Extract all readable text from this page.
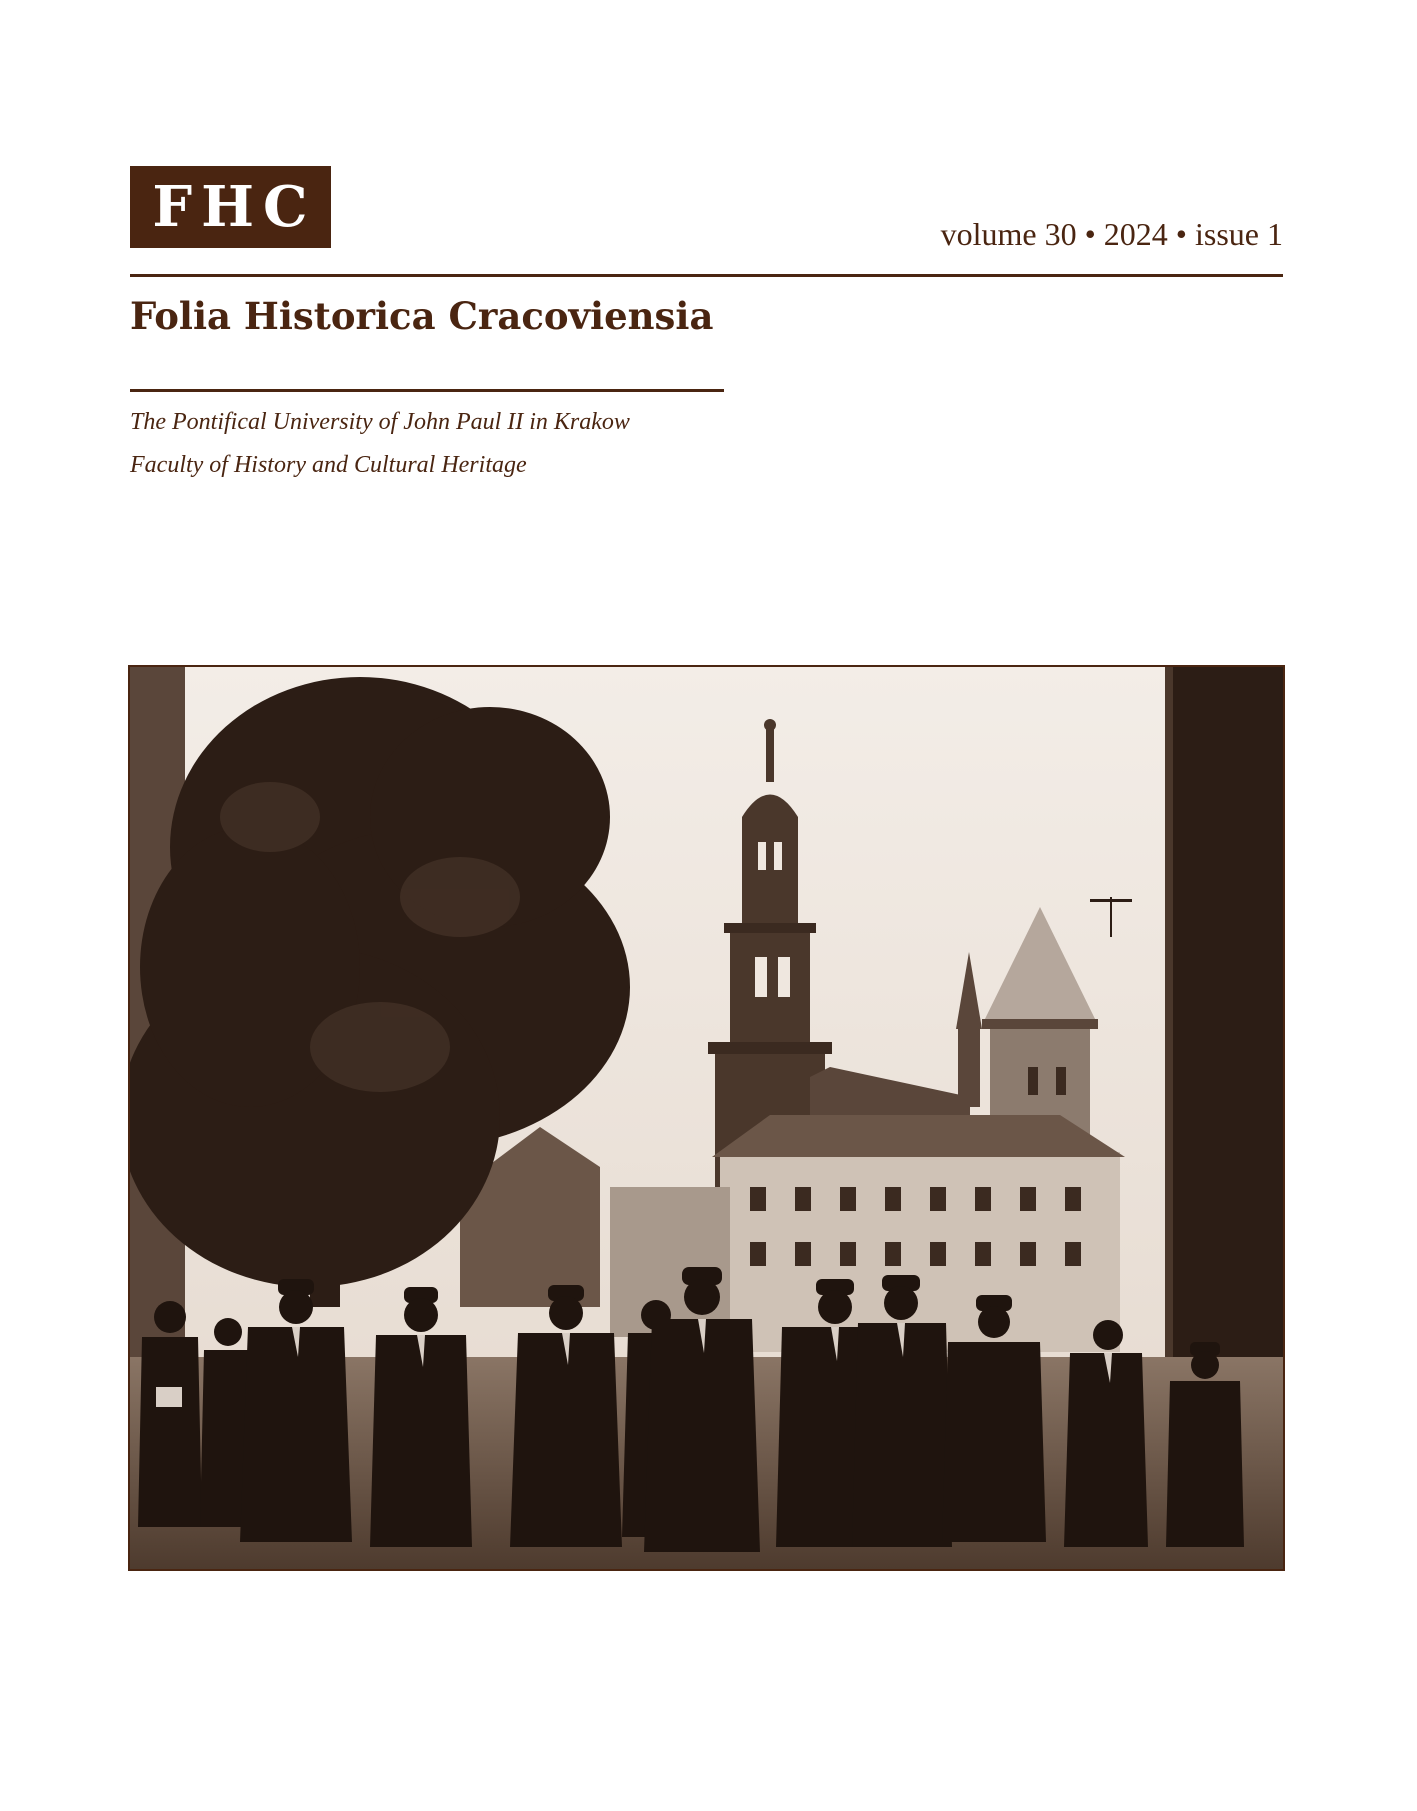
FHC	volume 30 • 2024 • issue 1
Folia Historica Cracoviensia
The Pontifical University of John Paul II in Krakow
Faculty of History and Cultural Heritage
